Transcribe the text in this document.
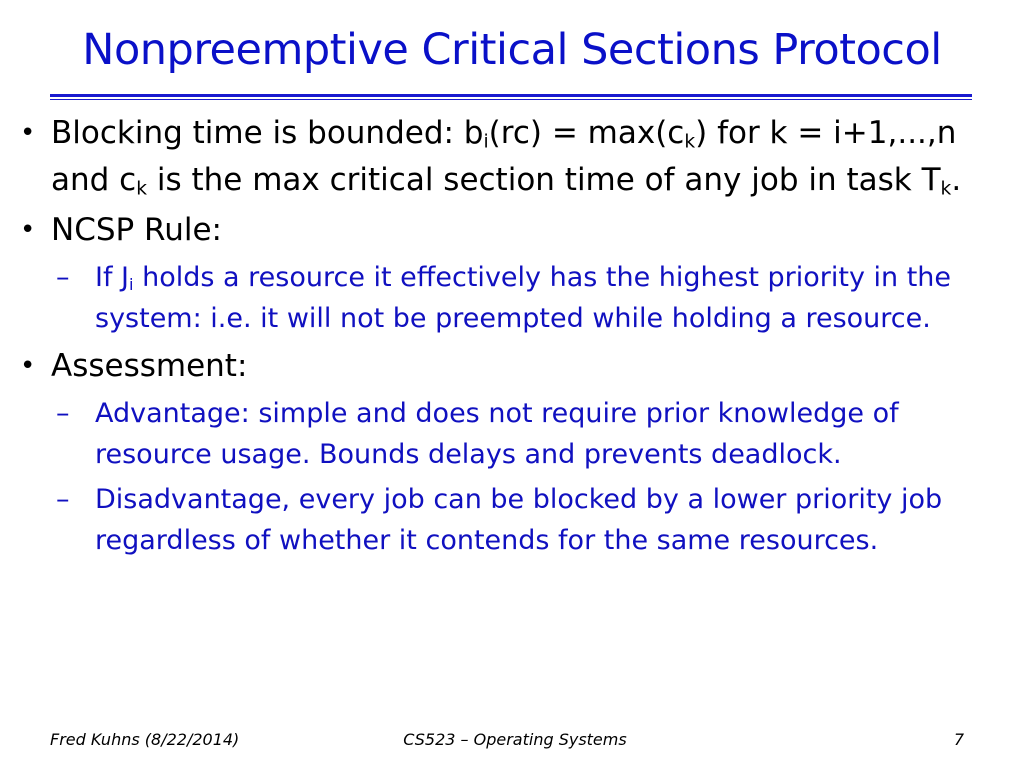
Nonpreemptive Critical Sections Protocol
• Blocking time is bounded: $b_i(rc) = \max(c_k)$ for k = i+1,...,n and $c_k$ is the max critical section time of any job in task $T_k$.
• NCSP Rule:
– If $J_i$ holds a resource it effectively has the highest priority in the system: i.e. it will not be preempted while holding a resource.
• Assessment:
– Advantage: simple and does not require prior knowledge of resource usage. Bounds delays and prevents deadlock.
– Disadvantage, every job can be blocked by a lower priority job regardless of whether it contends for the same resources.
Fred Kuhns (8/22/2014)	CS523 – Operating Systems	7
